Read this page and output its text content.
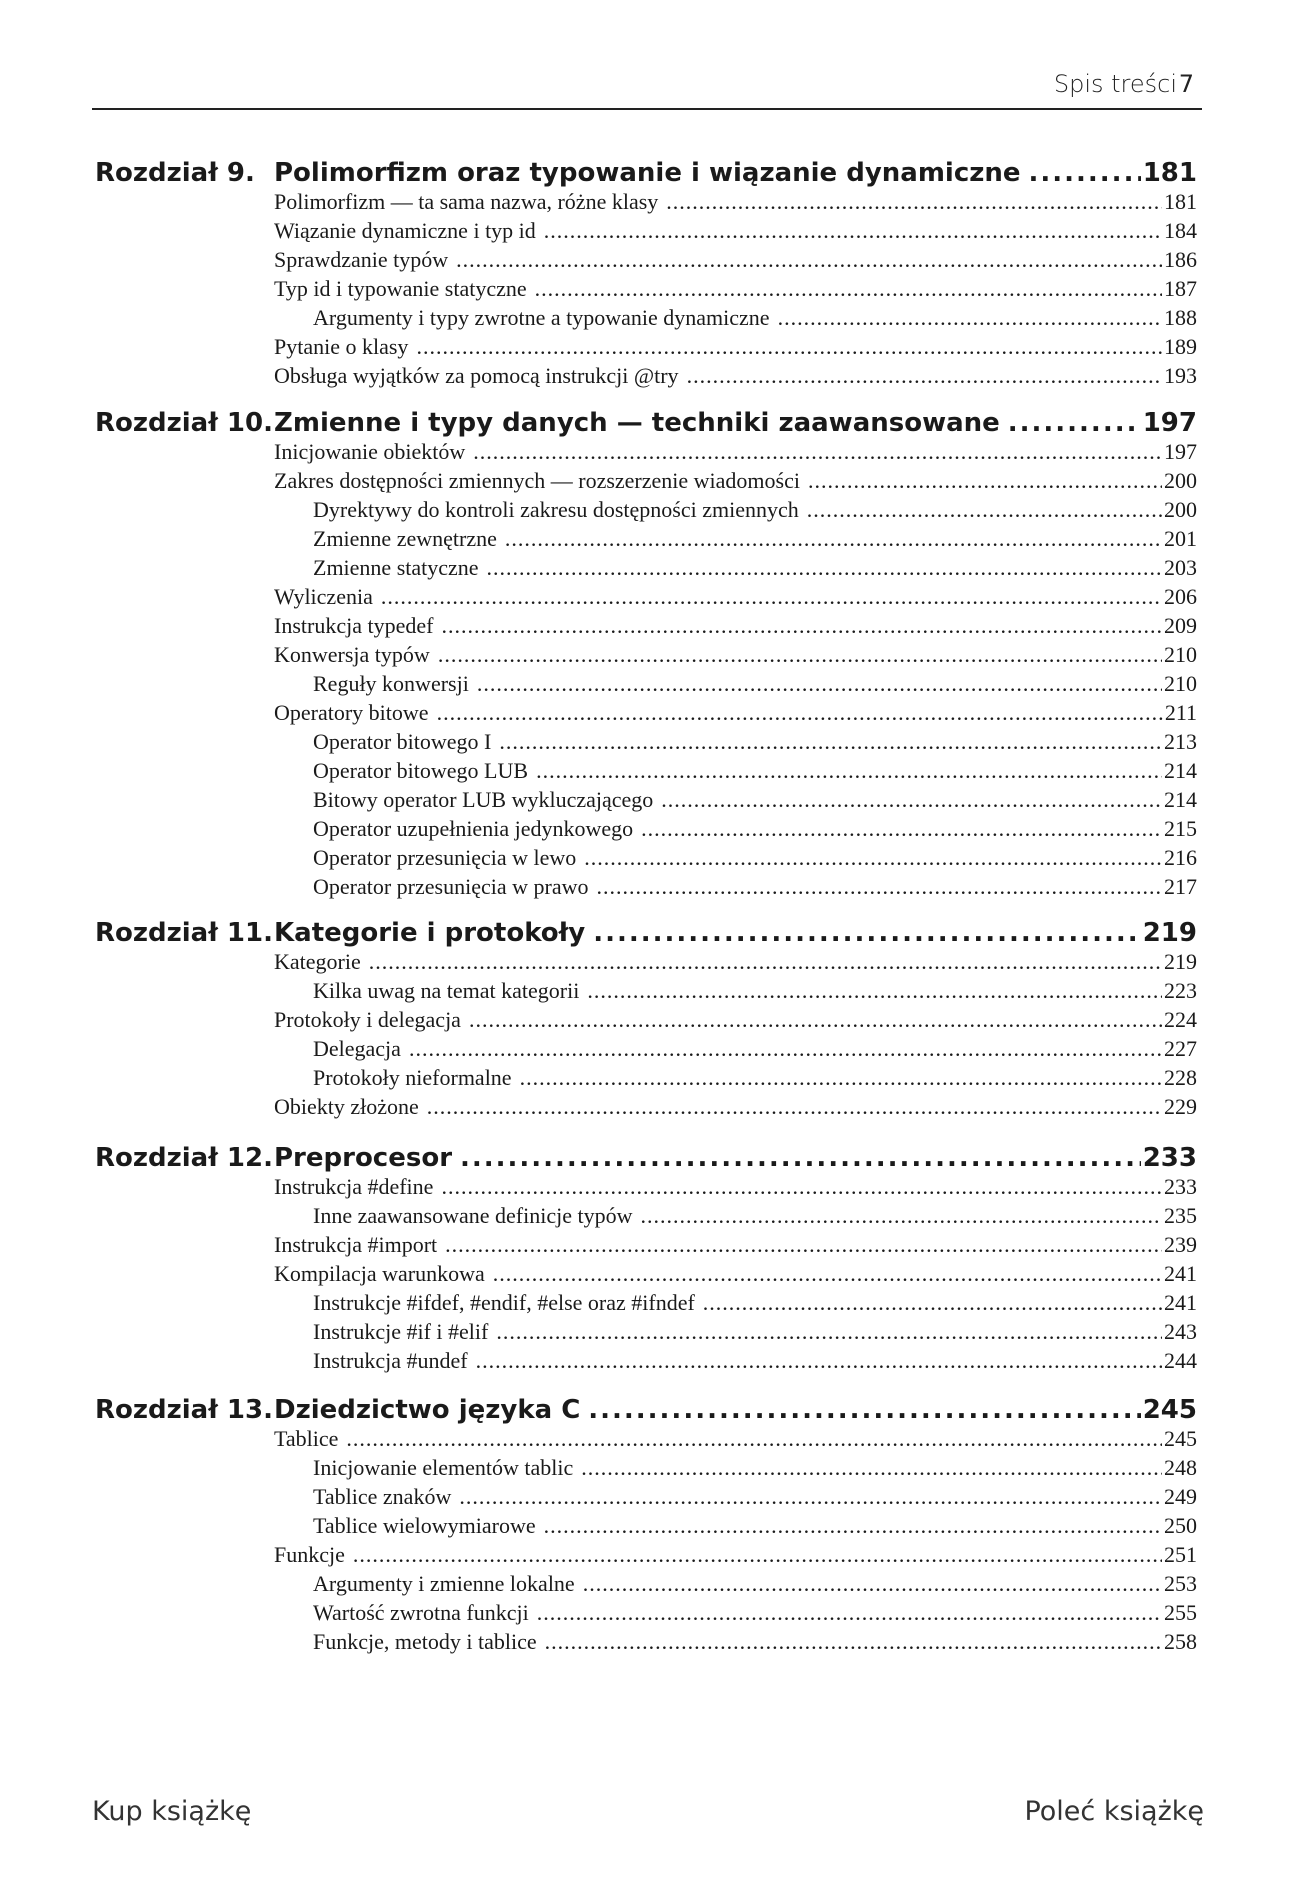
Spis treści 7
Rozdział 9. Polimorfizm oraz typowanie i wiązanie dynamiczne .....	181
Polimorfizm — ta sama nazwa, różne klasy .....	181
Wiązanie dynamiczne i typ id .....	184
Sprawdzanie typów .....	186
Typ id i typowanie statyczne .....	187
Argumenty i typy zwrotne a typowanie dynamiczne .....	188
Pytanie o klasy .....	189
Obsługa wyjątków za pomocą instrukcji @try .....	193
Rozdział 10. Zmienne i typy danych — techniki zaawansowane .....	197
Inicjowanie obiektów .....	197
Zakres dostępności zmiennych — rozszerzenie wiadomości .....	200
Dyrektywy do kontroli zakresu dostępności zmiennych .....	200
Zmienne zewnętrzne .....	201
Zmienne statyczne .....	203
Wyliczenia .....	206
Instrukcja typedef .....	209
Konwersja typów .....	210
Reguły konwersji .....	210
Operatory bitowe .....	211
Operator bitowego I .....	213
Operator bitowego LUB .....	214
Bitowy operator LUB wykluczającego .....	214
Operator uzupełnienia jedynkowego .....	215
Operator przesunięcia w lewo .....	216
Operator przesunięcia w prawo .....	217
Rozdział 11. Kategorie i protokoły .....	219
Kategorie .....	219
Kilka uwag na temat kategorii .....	223
Protokoły i delegacja .....	224
Delegacja .....	227
Protokoły nieformalne .....	228
Obiekty złożone .....	229
Rozdział 12. Preprocesor .....	233
Instrukcja #define .....	233
Inne zaawansowane definicje typów .....	235
Instrukcja #import .....	239
Kompilacja warunkowa .....	241
Instrukcje #ifdef, #endif, #else oraz #ifndef .....	241
Instrukcje #if i #elif .....	243
Instrukcja #undef .....	244
Rozdział 13. Dziedzictwo języka C .....	245
Tablice .....	245
Inicjowanie elementów tablic .....	248
Tablice znaków .....	249
Tablice wielowymiarowe .....	250
Funkcje .....	251
Argumenty i zmienne lokalne .....	253
Wartość zwrotna funkcji .....	255
Funkcje, metody i tablice .....	258
Kup książkę	Poleć książkę
